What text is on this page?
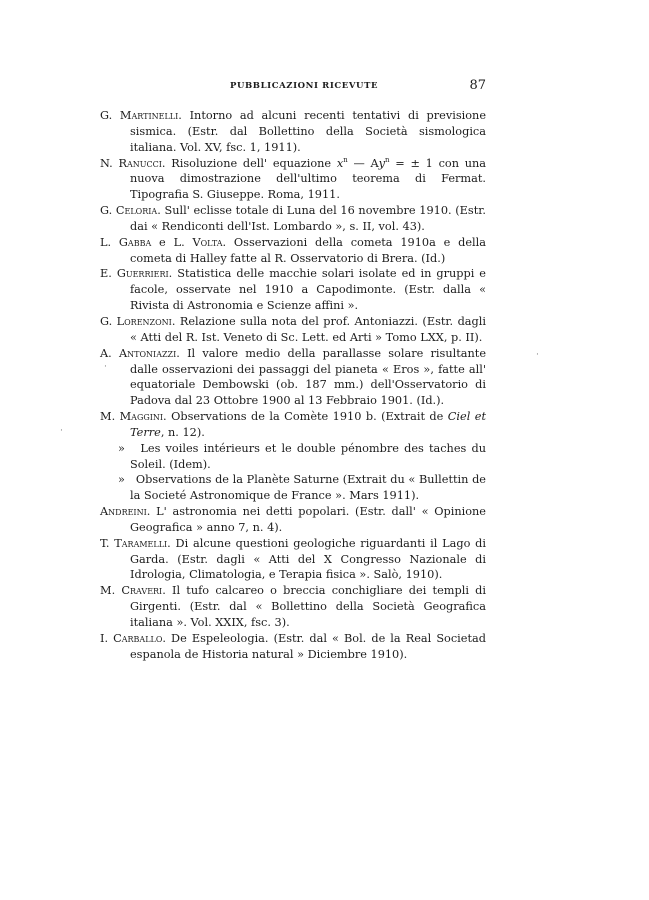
PUBBLICAZIONI RICEVUTE	87
G. Martinelli. Intorno ad alcuni recenti tentativi di previsione sismica. (Estr. dal Bollettino della Società sismologica italiana. Vol. XV, fsc. 1, 1911).
N. Ranucci. Risoluzione dell' equazione $x^n$ — $Ay^n$ = ± 1 con una nuova dimostrazione dell'ultimo teorema di Fermat. Tipografia S. Giuseppe. Roma, 1911.
G. Celoria. Sull' eclisse totale di Luna del 16 novembre 1910. (Estr. dai « Rendiconti dell'Ist. Lombardo », s. II, vol. 43).
L. Gabba e L. Volta. Osservazioni della cometa 1910a e della cometa di Halley fatte al R. Osservatorio di Brera. (Id.)
E. Guerrieri. Statistica delle macchie solari isolate ed in gruppi e facole, osservate nel 1910 a Capodimonte. (Estr. dalla « Rivista di Astronomia e Scienze affini ».
G. Lorenzoni. Relazione sulla nota del prof. Antoniazzi. (Estr. dagli « Atti del R. Ist. Veneto di Sc. Lett. ed Arti » Tomo LXX, p. II).
A. Antoniazzi. Il valore medio della parallasse solare risultante dalle osservazioni dei passaggi del pianeta « Eros », fatte all' equatoriale Dembowski (ob. 187 mm.) dell'Osservatorio di Padova dal 23 Ottobre 1900 al 13 Febbraio 1901. (Id.).
M. Maggini. Observations de la Comète 1910 b. (Extrait de Ciel et Terre, n. 12).
» Les voiles intérieurs et le double pénombre des taches du Soleil. (Idem).
» Observations de la Planète Saturne (Extrait du « Bullettin de la Societé Astronomique de France ». Mars 1911).
Andreini. L' astronomia nei detti popolari. (Estr. dall' « Opinione Geografica » anno 7, n. 4).
T. Taramelli. Di alcune questioni geologiche riguardanti il Lago di Garda. (Estr. dagli « Atti del X Congresso Nazionale di Idrologia, Climatologia, e Terapia fisica ». Salò, 1910).
M. Craveri. Il tufo calcareo o breccia conchigliare dei templi di Girgenti. (Estr. dal « Bollettino della Società Geografica italiana ». Vol. XXIX, fsc. 3).
I. Carballo. De Espeleologia. (Estr. dal « Bol. de la Real Societad espanola de Historia natural » Diciembre 1910).
·
·
·
